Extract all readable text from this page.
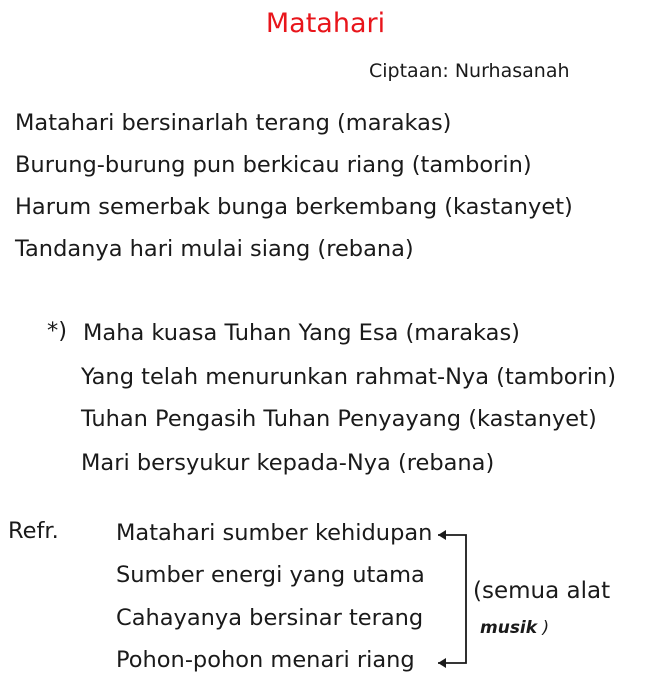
Matahari
Ciptaan: Nurhasanah
Matahari bersinarlah terang (marakas)
Burung-burung pun berkicau riang (tamborin)
Harum semerbak bunga berkembang (kastanyet)
Tandanya hari mulai siang (rebana)
*) Maha kuasa Tuhan Yang Esa (marakas)
Yang telah menurunkan rahmat-Nya (tamborin)
Tuhan Pengasih Tuhan Penyayang (kastanyet)
Mari bersyukur kepada-Nya (rebana)
Refr.	Matahari sumber kehidupan
Sumber energi yang utama
Cahayanya bersinar terang
Pohon-pohon menari riang
(semua alat
musik )
